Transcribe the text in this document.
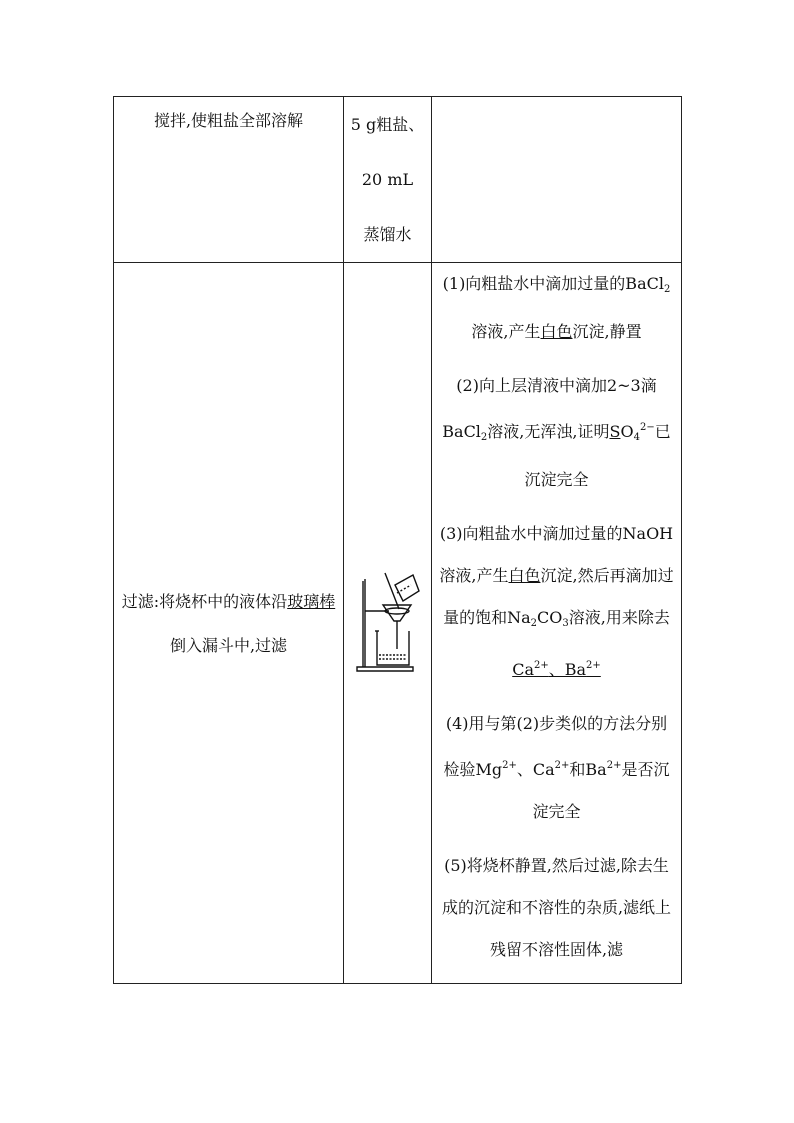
搅拌,使粗盐全部溶解	5 g粗盐、
20 mL
蒸馏水	

过滤:将烧杯中的液体沿玻璃棒倒入漏斗中,过滤		(1)向粗盐水中滴加过量的BaCl$_2$溶液,产生白色沉淀,静置

(2)向上层清液中滴加2~3滴 BaCl$_2$溶液,无浑浊,证明$SO_4^{2-}$已沉淀完全

(3)向粗盐水中滴加过量的NaOH溶液,产生白色沉淀,然后再滴加过量的饱和$Na_2CO_3$溶液,用来除去$Ca^{2+}$、$Ba^{2+}$

(4)用与第(2)步类似的方法分别检验$Mg^{2+}$、$Ca^{2+}$和$Ba^{2+}$是否沉淀完全

(5)将烧杯静置,然后过滤,除去生成的沉淀和不溶性的杂质,滤纸上残留不溶性固体,滤
